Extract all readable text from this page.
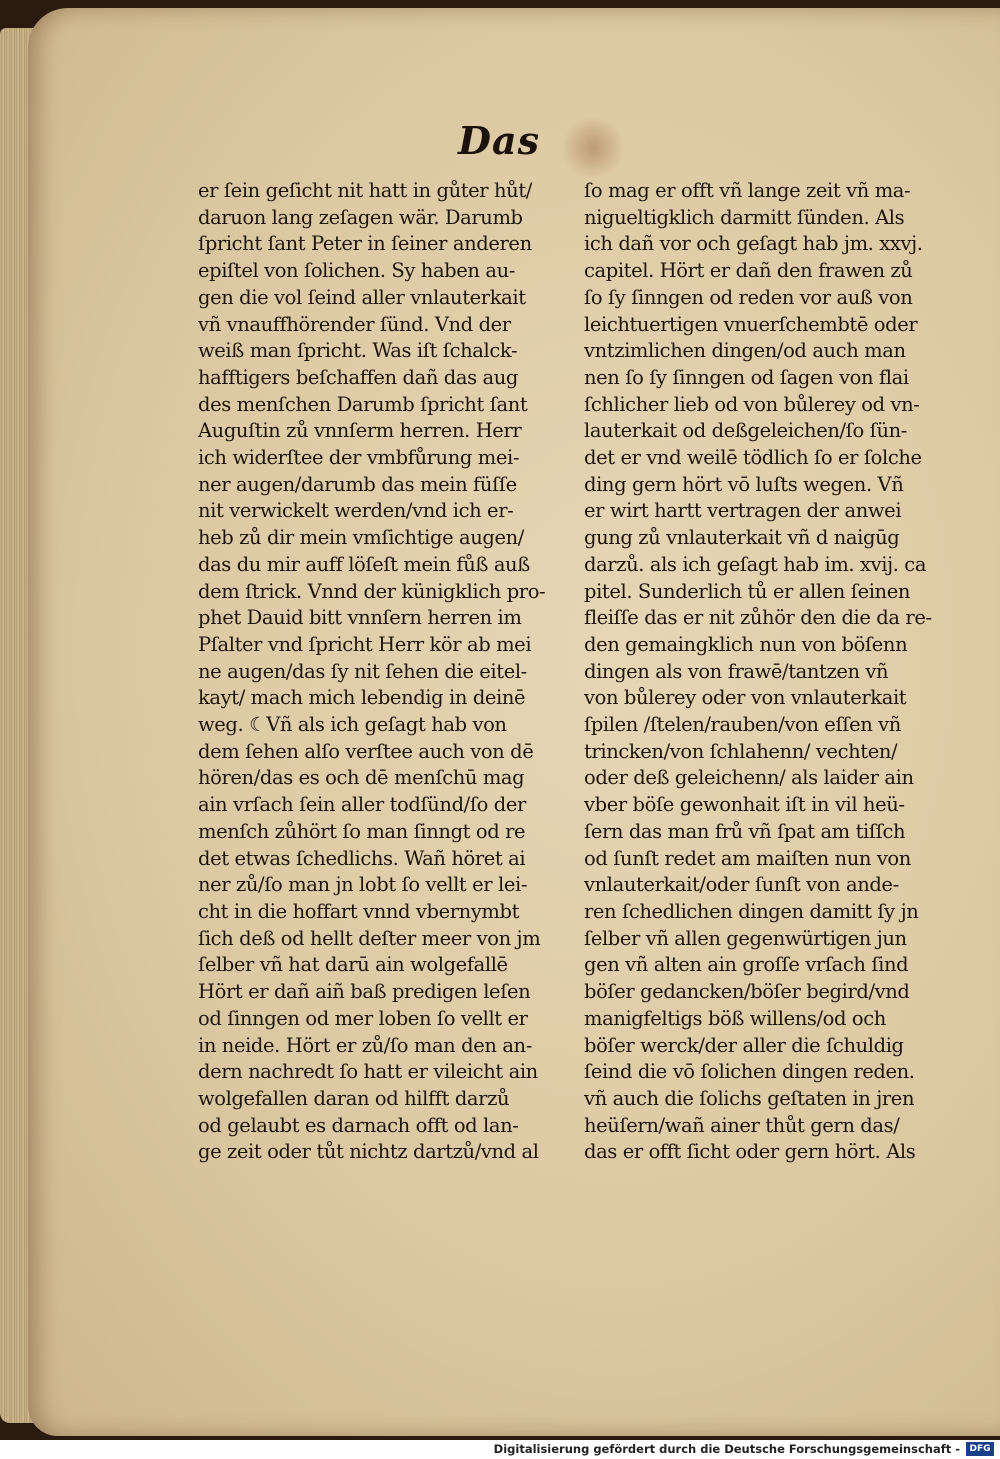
Das
er ſein geſicht nit hatt in gůter hůt/
daruon lang zeſagen wär. Darumb
ſpricht ſant Peter in ſeiner anderen
epiſtel von ſolichen. Sy haben au-
gen die vol ſeind aller vnlauterkait
vñ vnauffhörender ſünd. Vnd der
weiß man ſpricht. Was iſt ſchalck-
hafftigers beſchaffen dañ das aug
des menſchen Darumb ſpricht ſant
Auguſtin zů vnnſerm herren. Herr
ich widerſtee der vmbfůrung mei-
ner augen/darumb das mein füſſe
nit verwickelt werden/vnd ich er-
heb zů dir mein vmſichtige augen/
das du mir auff löſeſt mein fůß auß
dem ſtrick. Vnnd der künigklich pro-
phet Dauid bitt vnnſern herren im
Pſalter vnd ſpricht Herr kör ab mei
ne augen/das ſy nit ſehen die eitel-
kayt/ mach mich lebendig in deinē
weg. ☾Vñ als ich geſagt hab von
dem ſehen alſo verſtee auch von dē
hören/das es och dē menſchū mag
ain vrſach ſein aller todſünd/ſo der
menſch zůhört ſo man ſinngt od re
det etwas ſchedlichs. Wañ höret ai
ner zů/ſo man jn lobt ſo vellt er lei-
cht in die hoffart vnnd vbernymbt
ſich deß od hellt deſter meer von jm
ſelber vñ hat darū ain wolgefallē
Hört er dañ aiñ baß predigen leſen
od ſinngen od mer loben ſo vellt er
in neide. Hört er zů/ſo man den an-
dern nachredt ſo hatt er vileicht ain
wolgefallen daran od hilfft darzů
od gelaubt es darnach offt od lan-
ge zeit oder tůt nichtz dartzů/vnd al
ſo mag er offt vñ lange zeit vñ ma-
nigueltigklich darmitt ſünden. Als
ich dañ vor och geſagt hab jm. xxvj.
capitel. Hört er dañ den frawen zů
ſo ſy ſinngen od reden vor auß von
leichtuertigen vnuerſchembtē oder
vntzimlichen dingen/od auch man
nen ſo ſy ſinngen od ſagen von flai
ſchlicher lieb od von bůlerey od vn-
lauterkait od deßgeleichen/ſo ſün-
det er vnd weilē tödlich ſo er ſolche
ding gern hört vō luſts wegen. Vñ
er wirt hartt vertragen der anwei
gung zů vnlauterkait vñ d naigūg
darzů. als ich geſagt hab im. xvij. ca
pitel. Sunderlich tů er allen ſeinen
fleiſſe das er nit zůhör den die da re-
den gemaingklich nun von böſenn
dingen als von frawē/tantzen vñ
von bůlerey oder von vnlauterkait
ſpilen /ſtelen/rauben/von eſſen vñ
trincken/von ſchlahenn/ vechten/
oder deß geleichenn/ als laider ain
vber böſe gewonhait iſt in vil heü-
ſern das man frů vñ ſpat am tiſſch
od ſunſt redet am maiſten nun von
vnlauterkait/oder ſunſt von ande-
ren ſchedlichen dingen damitt ſy jn
ſelber vñ allen gegenwürtigen jun
gen vñ alten ain groſſe vrſach ſind
böſer gedancken/böſer begird/vnd
manigfeltigs böß willens/od och
böſer werck/der aller die ſchuldig
ſeind die vō ſolichen dingen reden.
vñ auch die ſolichs geſtaten in jren
heüſern/wañ ainer thůt gern das/
das er offt ſicht oder gern hört. Als
Digitalisierung gefördert durch die Deutsche Forschungsgemeinschaft -	DFG
